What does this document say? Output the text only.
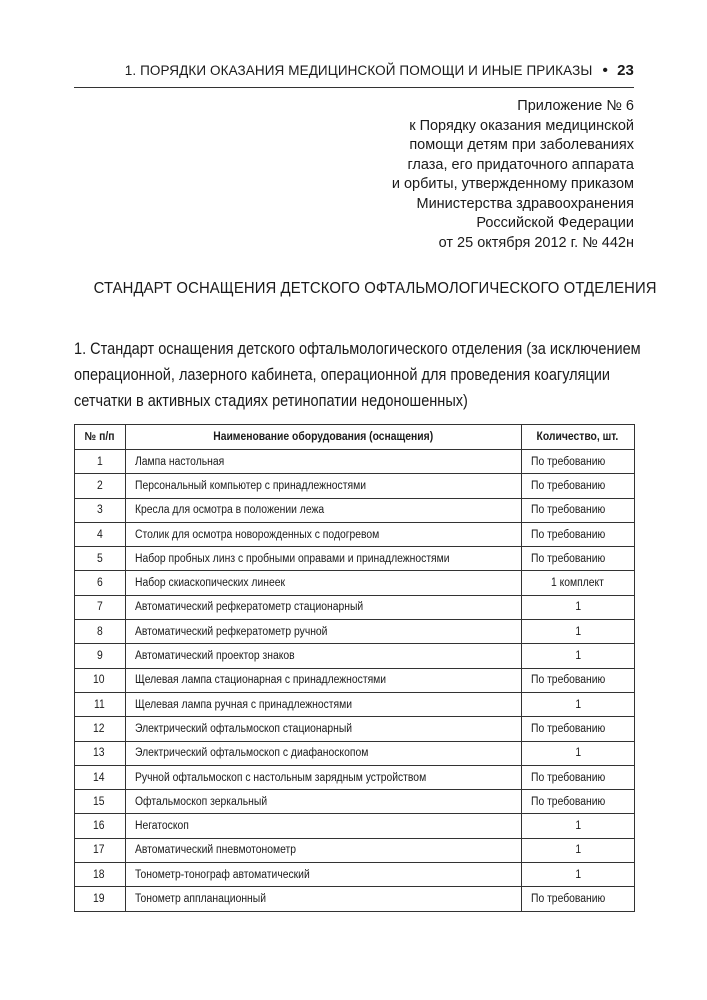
1. ПОРЯДКИ ОКАЗАНИЯ МЕДИЦИНСКОЙ ПОМОЩИ И ИНЫЕ ПРИКАЗЫ • 23
Приложение № 6
к Порядку оказания медицинской
помощи детям при заболеваниях
глаза, его придаточного аппарата
и орбиты, утвержденному приказом
Министерства здравоохранения
Российской Федерации
от 25 октября 2012 г. № 442н
СТАНДАРТ ОСНАЩЕНИЯ ДЕТСКОГО ОФТАЛЬМОЛОГИЧЕСКОГО ОТДЕЛЕНИЯ
1. Стандарт оснащения детского офтальмологического отделения (за исключением
операционной, лазерного кабинета, операционной для проведения коагуляции
сетчатки в активных стадиях ретинопатии недоношенных)
№ п/п	Наименование оборудования (оснащения)	Количество, шт.
1	Лампа настольная	По требованию
2	Персональный компьютер с принадлежностями	По требованию
3	Кресла для осмотра в положении лежа	По требованию
4	Столик для осмотра новорожденных с подогревом	По требованию
5	Набор пробных линз с пробными оправами и принадлежностями	По требованию
6	Набор скиаскопических линеек	1 комплект
7	Автоматический рефкератометр стационарный	1
8	Автоматический рефкератометр ручной	1
9	Автоматический проектор знаков	1
10	Щелевая лампа стационарная с принадлежностями	По требованию
11	Щелевая лампа ручная с принадлежностями	1
12	Электрический офтальмоскоп стационарный	По требованию
13	Электрический офтальмоскоп с диафаноскопом	1
14	Ручной офтальмоскоп с настольным зарядным устройством	По требованию
15	Офтальмоскоп зеркальный	По требованию
16	Негатоскоп	1
17	Автоматический пневмотонометр	1
18	Тонометр-тонограф автоматический	1
19	Тонометр аппланационный	По требованию
